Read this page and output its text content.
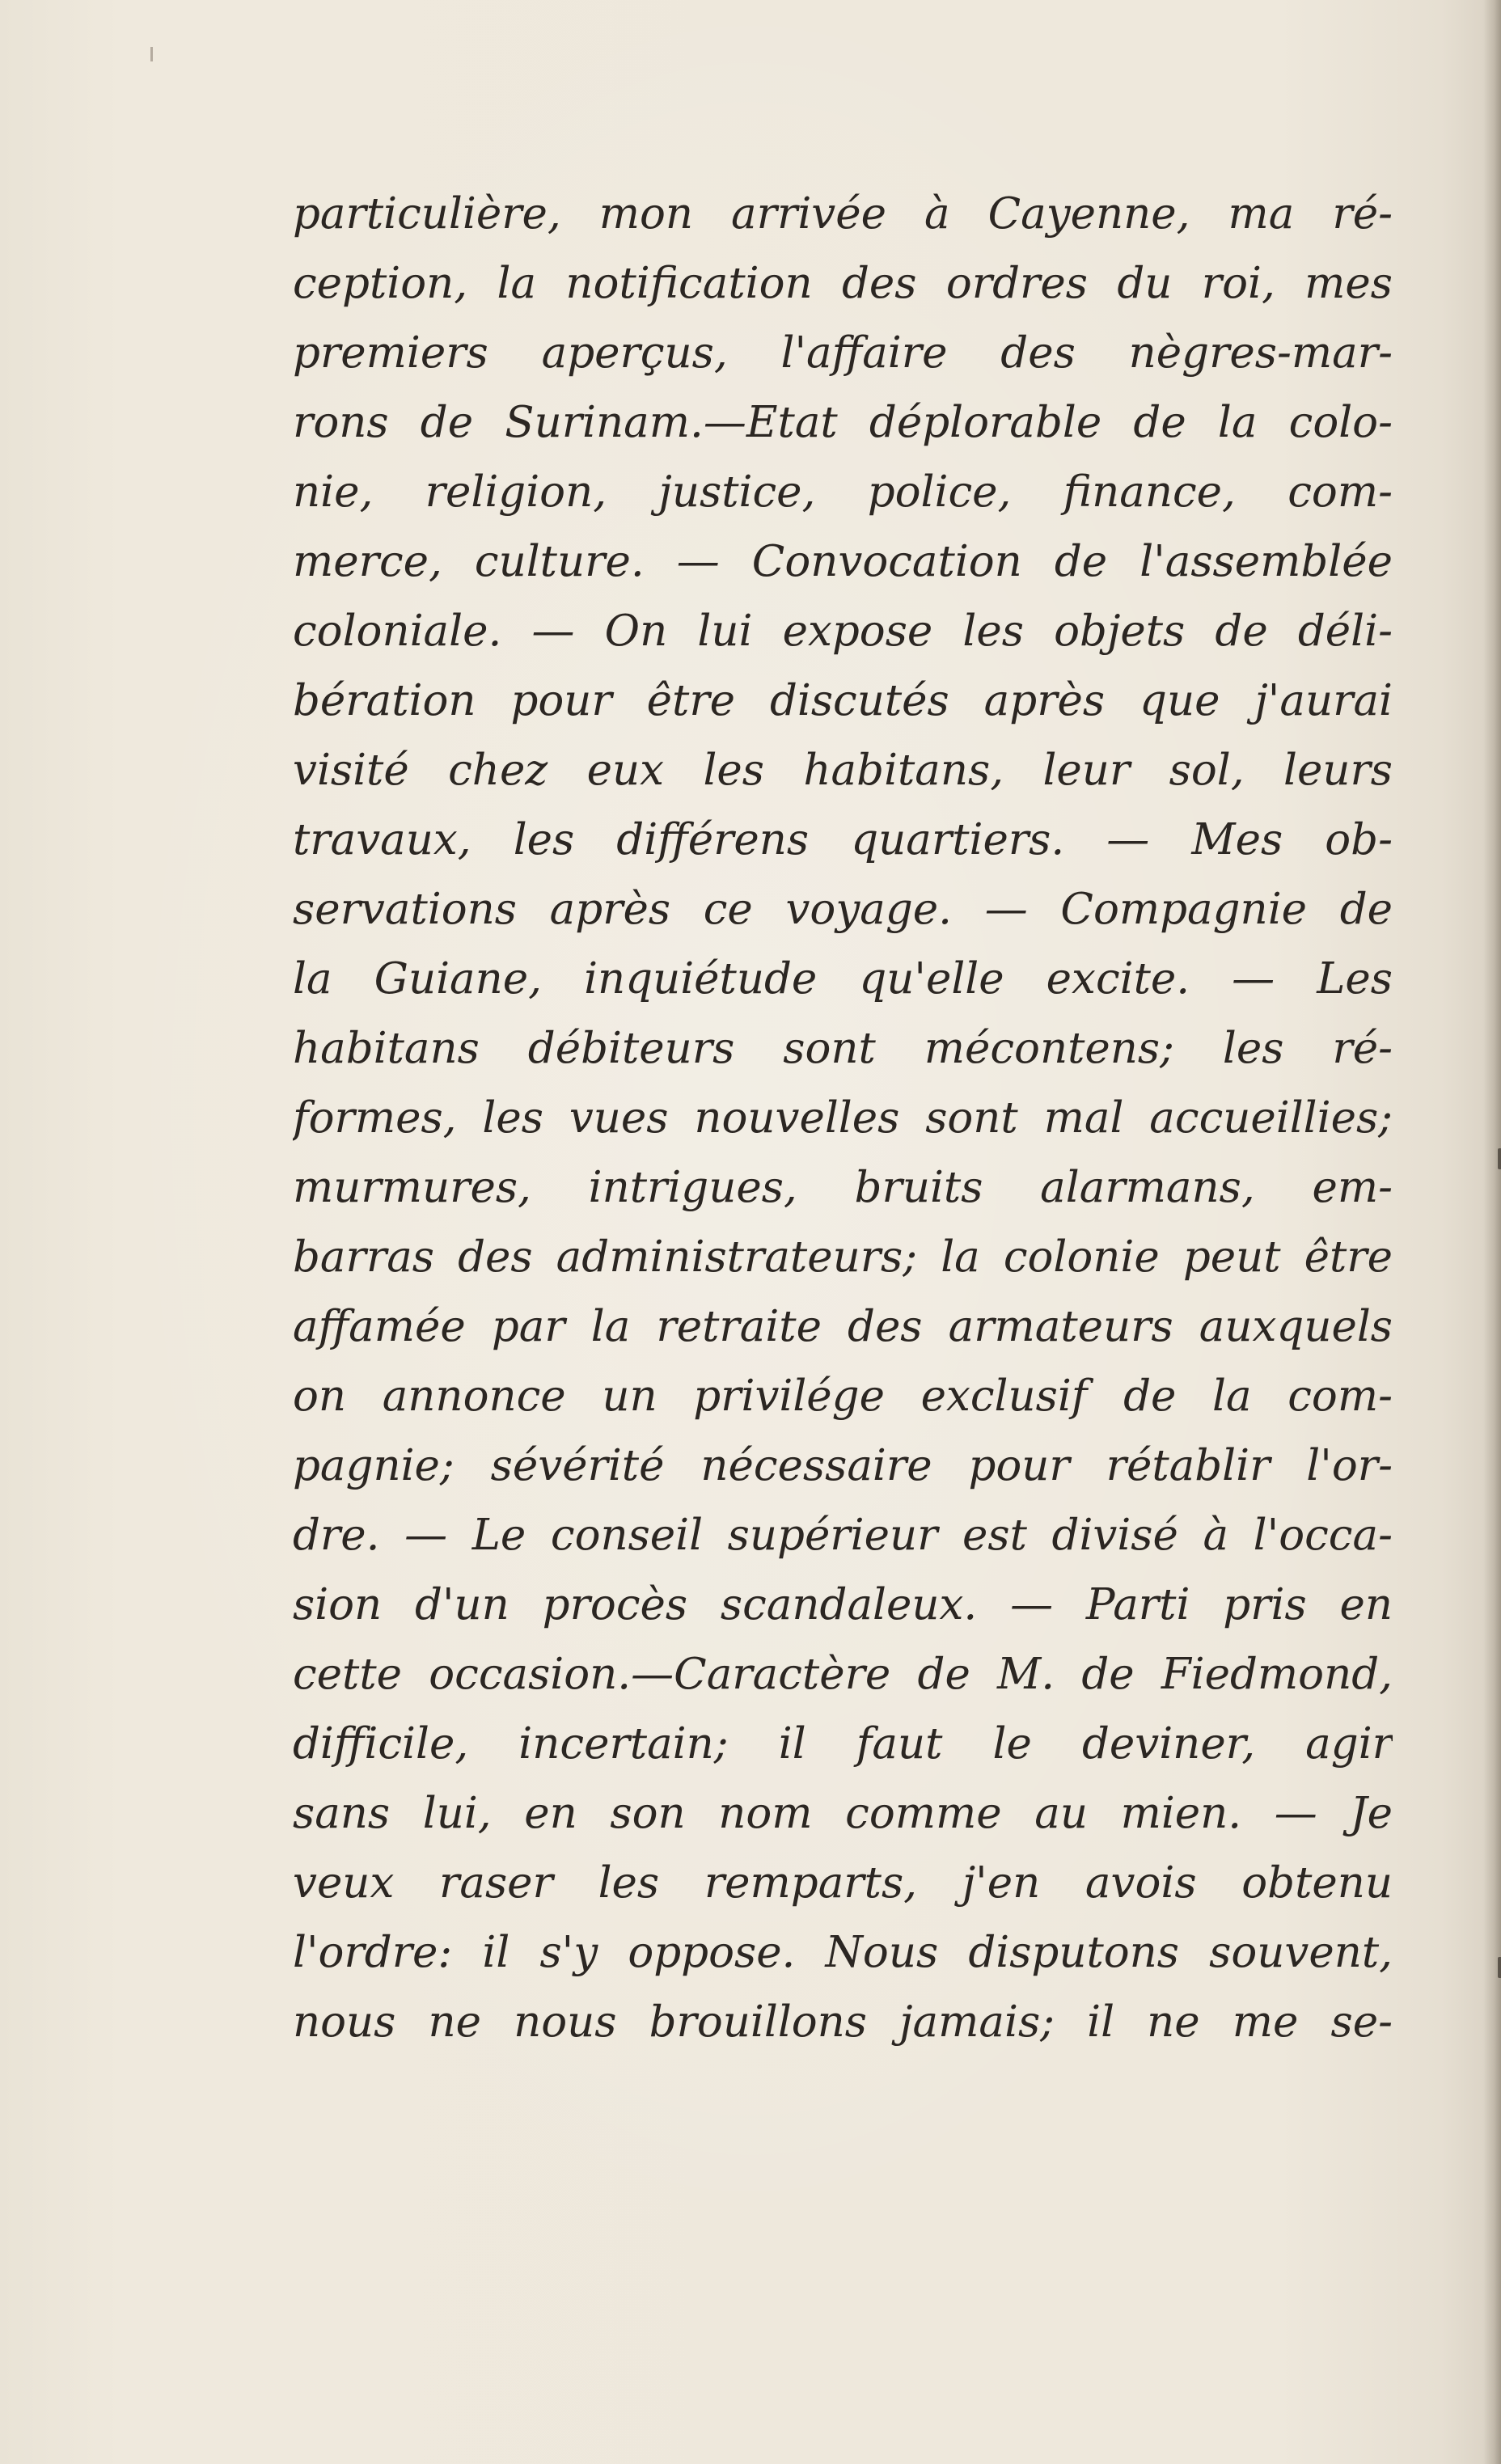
particulière, mon arrivée à Cayenne, ma ré-
ception, la notification des ordres du roi, mes
premiers aperçus, l'affaire des nègres-mar-
rons de Surinam.—Etat déplorable de la colo-
nie, religion, justice, police, finance, com-
merce, culture. — Convocation de l'assemblée
coloniale. — On lui expose les objets de déli-
bération pour être discutés après que j'aurai
visité chez eux les habitans, leur sol, leurs
travaux, les différens quartiers. — Mes ob-
servations après ce voyage. — Compagnie de
la Guiane, inquiétude qu'elle excite. — Les
habitans débiteurs sont mécontens; les ré-
formes, les vues nouvelles sont mal accueillies;
murmures, intrigues, bruits alarmans, em-
barras des administrateurs; la colonie peut être
affamée par la retraite des armateurs auxquels
on annonce un privilége exclusif de la com-
pagnie; sévérité nécessaire pour rétablir l'or-
dre. — Le conseil supérieur est divisé à l'occa-
sion d'un procès scandaleux. — Parti pris en
cette occasion.—Caractère de M. de Fiedmond,
difficile, incertain; il faut le deviner, agir
sans lui, en son nom comme au mien. — Je
veux raser les remparts, j'en avois obtenu
l'ordre: il s'y oppose. Nous disputons souvent,
nous ne nous brouillons jamais; il ne me se-
